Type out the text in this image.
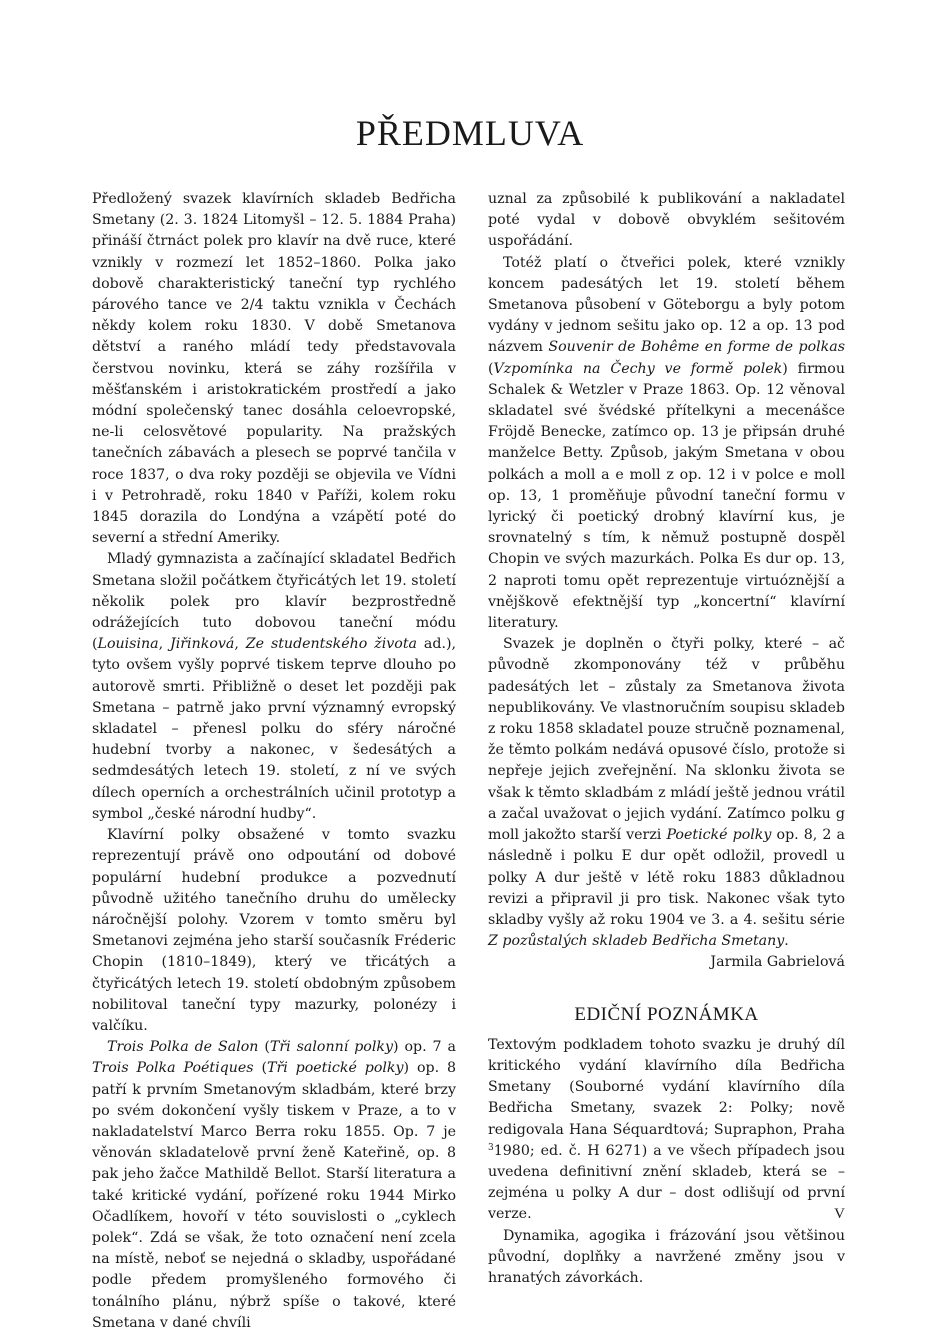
PŘEDMLUVA

Předložený svazek klavírních skladeb Bedřicha Smetany (2. 3. 1824 Litomyšl – 12. 5. 1884 Praha) přináší čtrnáct polek pro klavír na dvě ruce, které vznikly v rozmezí let 1852–1860. Polka jako dobově charakteristický taneční typ rychlého párového tance ve 2/4 taktu vznikla v Čechách někdy kolem roku 1830. V době Smetanova dětství a raného mládí tedy představovala čerstvou novinku, která se záhy rozšířila v měšťanském i aristokratickém prostředí a jako módní společenský tanec dosáhla celoevropské, ne-li celosvětové popularity. Na pražských tanečních zábavách a plesech se poprvé tančila v roce 1837, o dva roky později se objevila ve Vídni i v Petrohradě, roku 1840 v Paříži, kolem roku 1845 dorazila do Londýna a vzápětí poté do severní a střední Ameriky.

Mladý gymnazista a začínající skladatel Bedřich Smetana složil počátkem čtyřicátých let 19. století několik polek pro klavír bezprostředně odrážejících tuto dobovou taneční módu (Louisina, Jiřinková, Ze studentského života ad.), tyto ovšem vyšly poprvé tiskem teprve dlouho po autorově smrti. Přibližně o deset let později pak Smetana – patrně jako první významný evropský skladatel – přenesl polku do sféry náročné hudební tvorby a nakonec, v šedesátých a sedmdesátých letech 19. století, z ní ve svých dílech operních a orchestrálních učinil prototyp a symbol „české národní hudby“.

Klavírní polky obsažené v tomto svazku reprezentují právě ono odpoutání od dobové populární hudební produkce a pozvednutí původně užitého tanečního druhu do umělecky náročnější polohy. Vzorem v tomto směru byl Smetanovi zejména jeho starší současník Fréderic Chopin (1810–1849), který ve třicátých a čtyřicátých letech 19. století obdobným způsobem nobilitoval taneční typy mazurky, polonézy i valčíku.

Trois Polka de Salon (Tři salonní polky) op. 7 a Trois Polka Poétiques (Tři poetické polky) op. 8 patří k prvním Smetanovým skladbám, které brzy po svém dokončení vyšly tiskem v Praze, a to v nakladatelství Marco Berra roku 1855. Op. 7 je věnován skladatelově první ženě Kateřině, op. 8 pak jeho žačce Mathildě Bellot. Starší literatura a také kritické vydání, pořízené roku 1944 Mirko Očadlíkem, hovoří v této souvislosti o „cyklech polek“. Zdá se však, že toto označení není zcela na místě, neboť se nejedná o skladby, uspořádané podle předem promyšleného formového či tonálního plánu, nýbrž spíše o takové, které Smetana v dané chvíli

uznal za způsobilé k publikování a nakladatel poté vydal v dobově obvyklém sešitovém uspořádání.

Totéž platí o čtveřici polek, které vznikly koncem padesátých let 19. století během Smetanova působení v Göteborgu a byly potom vydány v jednom sešitu jako op. 12 a op. 13 pod názvem Souvenir de Bohême en forme de polkas (Vzpomínka na Čechy ve formě polek) firmou Schalek & Wetzler v Praze 1863. Op. 12 věnoval skladatel své švédské přítelkyni a mecenášce Fröjdě Benecke, zatímco op. 13 je připsán druhé manželce Betty. Způsob, jakým Smetana v obou polkách a moll a e moll z op. 12 i v polce e moll op. 13, 1 proměňuje původní taneční formu v lyrický či poetický drobný klavírní kus, je srovnatelný s tím, k němuž postupně dospěl Chopin ve svých mazurkách. Polka Es dur op. 13, 2 naproti tomu opět reprezentuje virtuóznější a vnějškově efektnější typ „koncertní“ klavírní literatury.

Svazek je doplněn o čtyři polky, které – ač původně zkomponovány též v průběhu padesátých let – zůstaly za Smetanova života nepublikovány. Ve vlastnoručním soupisu skladeb z roku 1858 skladatel pouze stručně poznamenal, že těmto polkám nedává opusové číslo, protože si nepřeje jejich zveřejnění. Na sklonku života se však k těmto skladbám z mládí ještě jednou vrátil a začal uvažovat o jejich vydání. Zatímco polku g moll jakožto starší verzi Poetické polky op. 8, 2 a následně i polku E dur opět odložil, provedl u polky A dur ještě v létě roku 1883 důkladnou revizi a připravil ji pro tisk. Nakonec však tyto skladby vyšly až roku 1904 ve 3. a 4. sešitu série Z pozůstalých skladeb Bedřicha Smetany.

Jarmila Gabrielová

EDIČNÍ POZNÁMKA

Textovým podkladem tohoto svazku je druhý díl kritického vydání klavírního díla Bedřicha Smetany (Souborné vydání klavírního díla Bedřicha Smetany, svazek 2: Polky; nově redigovala Hana Séquardtová; Supraphon, Praha $^3$1980; ed. č. H 6271) a ve všech případech jsou uvedena definitivní znění skladeb, která se – zejména u polky A dur – dost odlišují od první verze.

Dynamika, agogika i frázování jsou většinou původní, doplňky a navržené změny jsou v hranatých závorkách.

V
